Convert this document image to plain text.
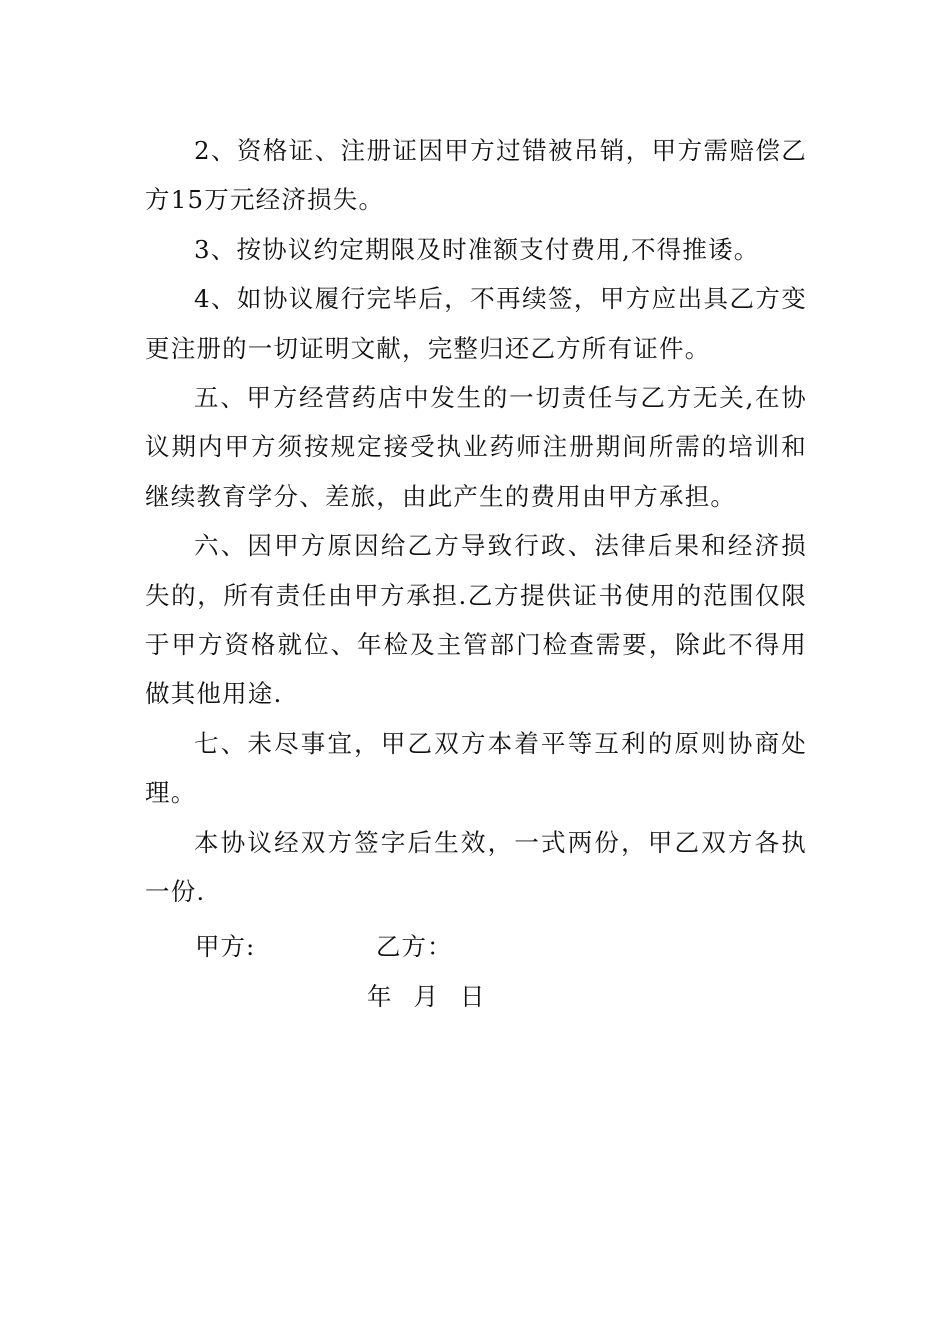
2、资格证、注册证因甲方过错被吊销，甲方需赔偿乙方15万元经济损失。

3、按协议约定期限及时准额支付费用,不得推诿。

4、如协议履行完毕后，不再续签，甲方应出具乙方变更注册的一切证明文献，完整归还乙方所有证件。

五、甲方经营药店中发生的一切责任与乙方无关,在协议期内甲方须按规定接受执业药师注册期间所需的培训和继续教育学分、差旅，由此产生的费用由甲方承担。

六、因甲方原因给乙方导致行政、法律后果和经济损失的，所有责任由甲方承担.乙方提供证书使用的范围仅限于甲方资格就位、年检及主管部门检查需要，除此不得用做其他用途.

七、未尽事宜，甲乙双方本着平等互利的原则协商处理。

本协议经双方签字后生效，一式两份，甲乙双方各执一份.

甲方:	乙方：
年 月 日
